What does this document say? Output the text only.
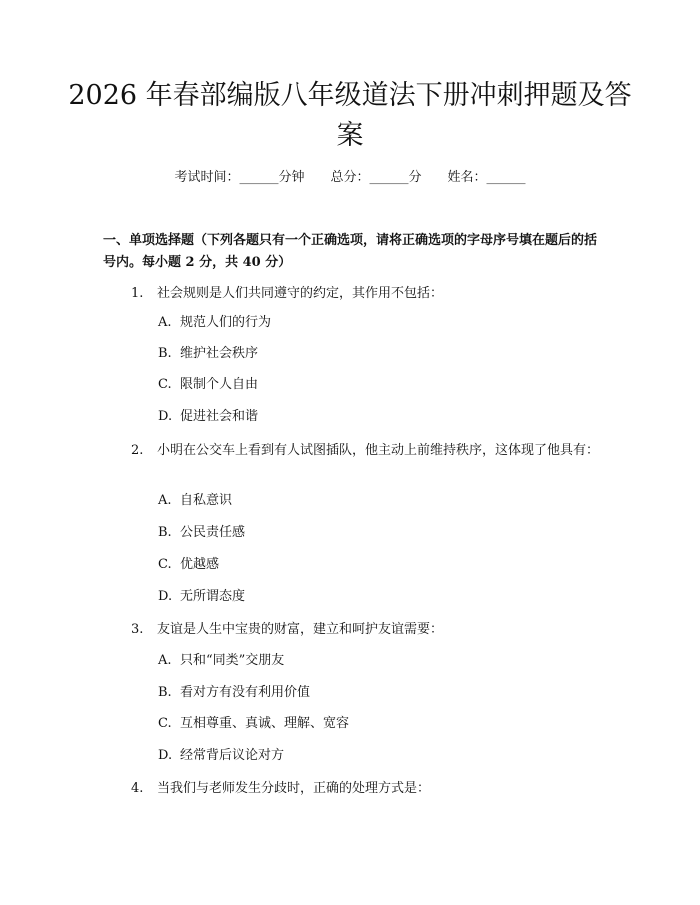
2026 年春部编版八年级道法下册冲刺押题及答案
考试时间：______分钟 总分：______分 姓名：______

一、单项选择题（下列各题只有一个正确选项，请将正确选项的字母序号填在题后的括号内。每小题 2 分，共 40 分）

1. 社会规则是人们共同遵守的约定，其作用不包括：
A. 规范人们的行为
B. 维护社会秩序
C. 限制个人自由
D. 促进社会和谐
2. 小明在公交车上看到有人试图插队，他主动上前维持秩序，这体现了他具有：
A. 自私意识
B. 公民责任感
C. 优越感
D. 无所谓态度
3. 友谊是人生中宝贵的财富，建立和呵护友谊需要：
A. 只和“同类”交朋友
B. 看对方有没有利用价值
C. 互相尊重、真诚、理解、宽容
D. 经常背后议论对方
4. 当我们与老师发生分歧时，正确的处理方式是：
